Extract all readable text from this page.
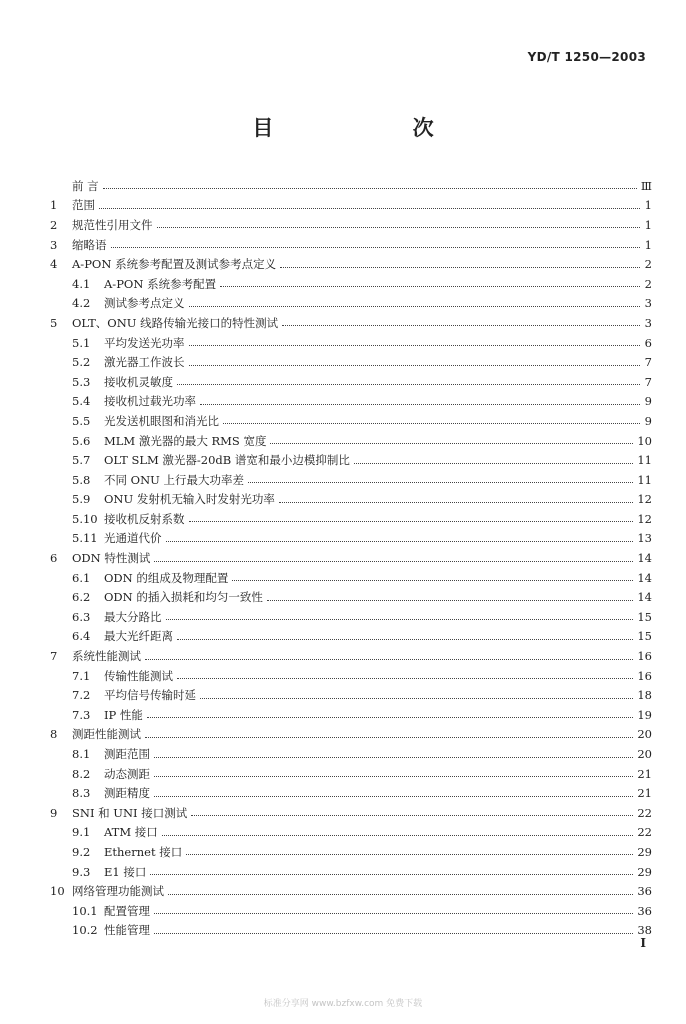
YD/T 1250—2003
目 次
前 言	Ⅲ
1	范围	1
2	规范性引用文件	1
3	缩略语	1
4	A-PON 系统参考配置及测试参考点定义	2
4.1	A-PON 系统参考配置	2
4.2	测试参考点定义	3
5	OLT、ONU 线路传输光接口的特性测试	3
5.1	平均发送光功率	6
5.2	激光器工作波长	7
5.3	接收机灵敏度	7
5.4	接收机过载光功率	9
5.5	光发送机眼图和消光比	9
5.6	MLM 激光器的最大 RMS 宽度	10
5.7	OLT SLM 激光器-20dB 谱宽和最小边模抑制比	11
5.8	不同 ONU 上行最大功率差	11
5.9	ONU 发射机无输入时发射光功率	12
5.10 接收机反射系数	12
5.11 光通道代价	13
6	ODN 特性测试	14
6.1	ODN 的组成及物理配置	14
6.2	ODN 的插入损耗和均匀一致性	14
6.3	最大分路比	15
6.4	最大光纤距离	15
7	系统性能测试	16
7.1	传输性能测试	16
7.2	平均信号传输时延	18
7.3	IP 性能	19
8	测距性能测试	20
8.1	测距范围	20
8.2	动态测距	21
8.3	测距精度	21
9	SNI 和 UNI 接口测试	22
9.1	ATM 接口	22
9.2	Ethernet 接口	29
9.3	E1 接口	29
10 网络管理功能测试	36
10.1 配置管理	36
10.2 性能管理	38
Ⅰ
标准分享网 www.bzfxw.com 免费下载
